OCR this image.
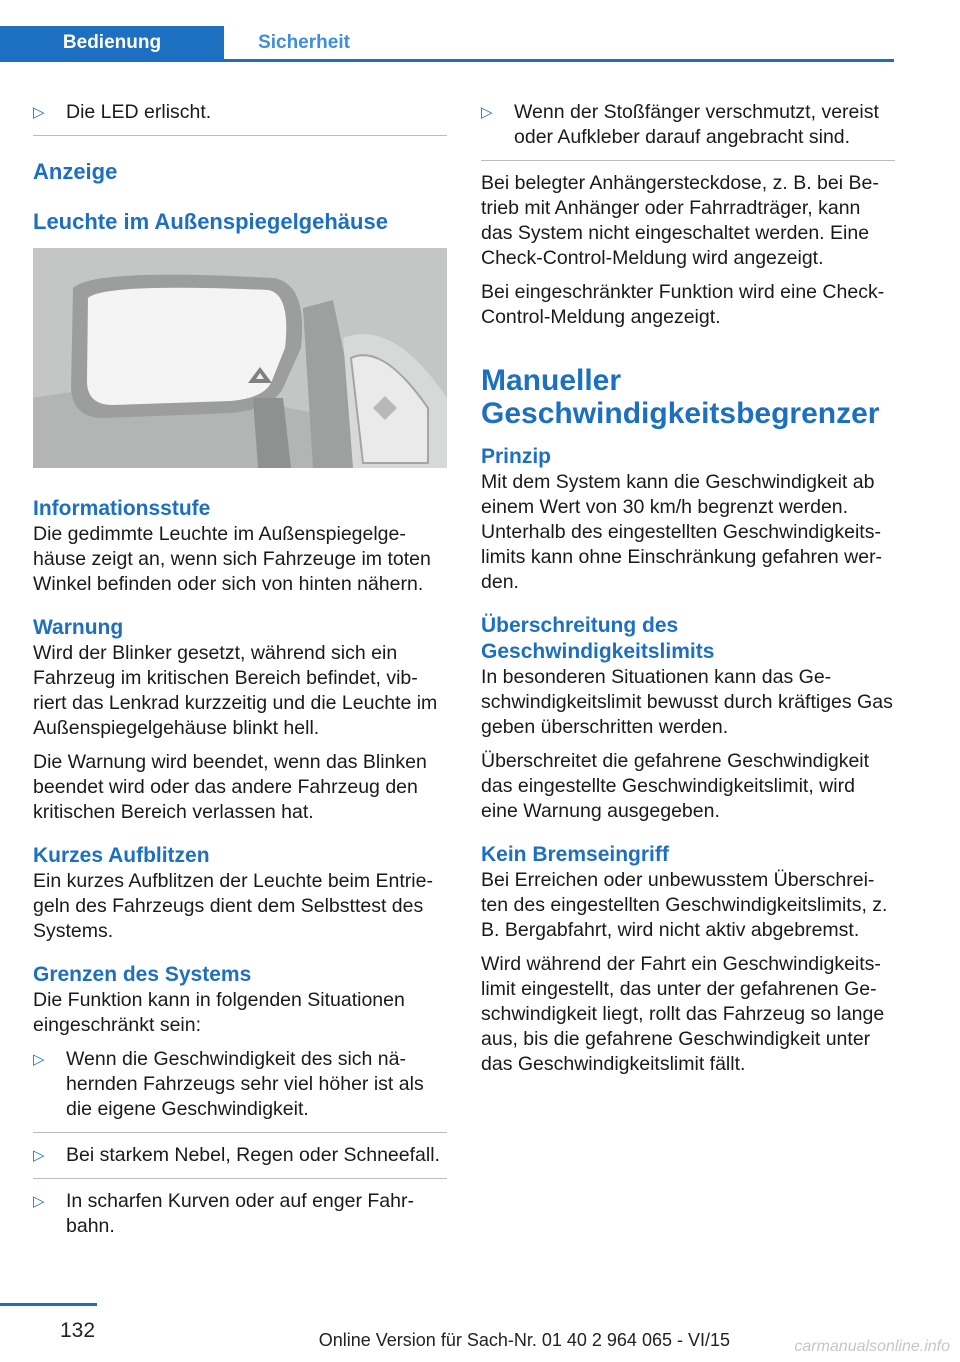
Bedienung	Sicherheit
▷	Die LED erlischt.
Anzeige
Leuchte im Außenspiegelgehäuse
Informationsstufe

Die gedimmte Leuchte im Außenspiegelge‐häuse zeigt an, wenn sich Fahrzeuge im toten Winkel befinden oder sich von hinten nähern.

Warnung

Wird der Blinker gesetzt, während sich ein Fahrzeug im kritischen Bereich befindet, vib‐riert das Lenkrad kurzzeitig und die Leuchte im Außenspiegelgehäuse blinkt hell.

Die Warnung wird beendet, wenn das Blinken beendet wird oder das andere Fahrzeug den kritischen Bereich verlassen hat.

Kurzes Aufblitzen

Ein kurzes Aufblitzen der Leuchte beim Entrie‐geln des Fahrzeugs dient dem Selbsttest des Systems.

Grenzen des Systems

Die Funktion kann in folgenden Situationen eingeschränkt sein:

▷	Wenn die Geschwindigkeit des sich nä‐hernden Fahrzeugs sehr viel höher ist als die eigene Geschwindigkeit.
▷	Bei starkem Nebel, Regen oder Schneefall.
▷	In scharfen Kurven oder auf enger Fahr‐bahn.
▷	Wenn der Stoßfänger verschmutzt, vereist oder Aufkleber darauf angebracht sind.

Bei belegter Anhängersteckdose, z. B. bei Be‐trieb mit Anhänger oder Fahrradträger, kann das System nicht eingeschaltet werden. Eine Check-Control-Meldung wird angezeigt.

Bei eingeschränkter Funktion wird eine Check-Control-Meldung angezeigt.

Manueller Geschwindigkeitsbegrenzer
Prinzip

Mit dem System kann die Geschwindigkeit ab einem Wert von 30 km/h begrenzt werden. Unterhalb des eingestellten Geschwindigkeits‐limits kann ohne Einschränkung gefahren wer‐den.

Überschreitung des Geschwindigkeitslimits

In besonderen Situationen kann das Ge‐schwindigkeitslimit bewusst durch kräftiges Gas geben überschritten werden.

Überschreitet die gefahrene Geschwindigkeit das eingestellte Geschwindigkeitslimit, wird eine Warnung ausgegeben.

Kein Bremseingriff

Bei Erreichen oder unbewusstem Überschrei‐ten des eingestellten Geschwindigkeitslimits, z. B. Bergabfahrt, wird nicht aktiv abgebremst.

Wird während der Fahrt ein Geschwindigkeits‐limit eingestellt, das unter der gefahrenen Ge‐schwindigkeit liegt, rollt das Fahrzeug so lange aus, bis die gefahrene Geschwindigkeit unter das Geschwindigkeitslimit fällt.

132	Online Version für Sach-Nr. 01 40 2 964 065 - VI/15	carmanualsonline.info
